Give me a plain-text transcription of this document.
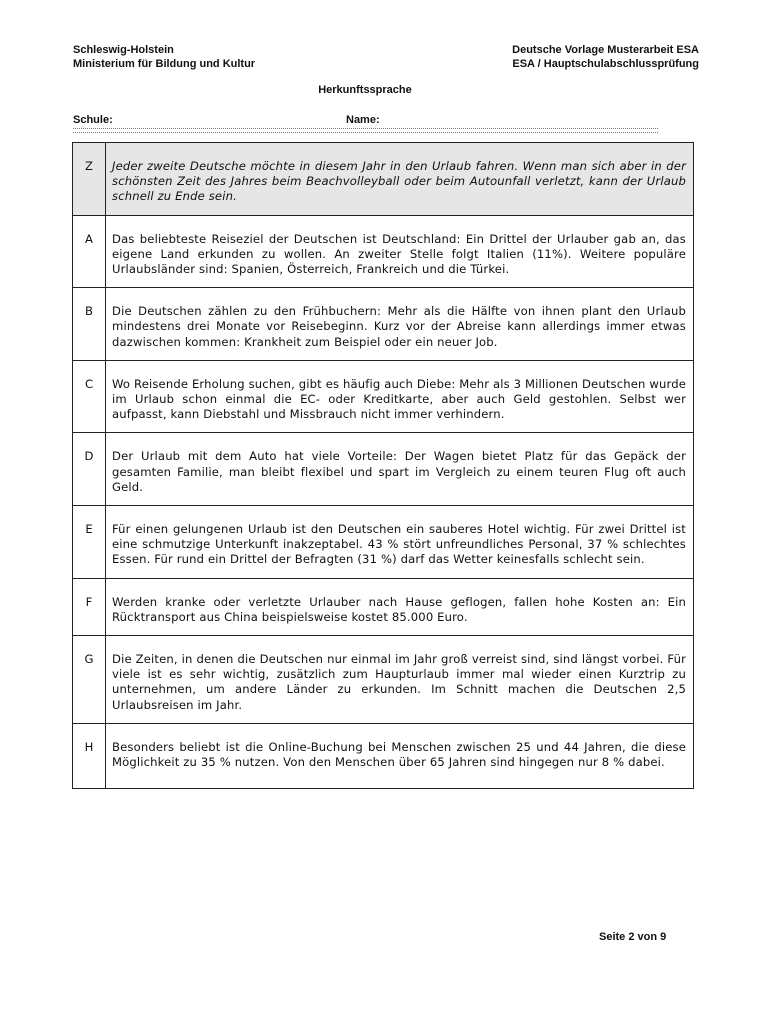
Schleswig-Holstein
Ministerium für Bildung und Kultur
Deutsche Vorlage Musterarbeit ESA
ESA / Hauptschulabschlussprüfung
Herkunftssprache
Schule:	Name:
Z	Jeder zweite Deutsche möchte in diesem Jahr in den Urlaub fahren. Wenn man sich aber in der schönsten Zeit des Jahres beim Beachvolleyball oder beim Autounfall verletzt, kann der Urlaub schnell zu Ende sein.
A	Das beliebteste Reiseziel der Deutschen ist Deutschland: Ein Drittel der Urlauber gab an, das eigene Land erkunden zu wollen. An zweiter Stelle folgt Italien (11%). Weitere populäre Urlaubsländer sind: Spanien, Österreich, Frankreich und die Türkei.
B	Die Deutschen zählen zu den Frühbuchern: Mehr als die Hälfte von ihnen plant den Urlaub mindestens drei Monate vor Reisebeginn. Kurz vor der Abreise kann allerdings immer etwas dazwischen kommen: Krankheit zum Beispiel oder ein neuer Job.
C	Wo Reisende Erholung suchen, gibt es häufig auch Diebe: Mehr als 3 Millionen Deutschen wurde im Urlaub schon einmal die EC- oder Kreditkarte, aber auch Geld gestohlen. Selbst wer aufpasst, kann Diebstahl und Missbrauch nicht immer verhindern.
D	Der Urlaub mit dem Auto hat viele Vorteile: Der Wagen bietet Platz für das Gepäck der gesamten Familie, man bleibt flexibel und spart im Vergleich zu einem teuren Flug oft auch Geld.
E	Für einen gelungenen Urlaub ist den Deutschen ein sauberes Hotel wichtig. Für zwei Drittel ist eine schmutzige Unterkunft inakzeptabel. 43 % stört unfreundliches Personal, 37 % schlechtes Essen. Für rund ein Drittel der Befragten (31 %) darf das Wetter keinesfalls schlecht sein.
F	Werden kranke oder verletzte Urlauber nach Hause geflogen, fallen hohe Kosten an: Ein Rücktransport aus China beispielsweise kostet 85.000 Euro.
G	Die Zeiten, in denen die Deutschen nur einmal im Jahr groß verreist sind, sind längst vorbei. Für viele ist es sehr wichtig, zusätzlich zum Haupturlaub immer mal wieder einen Kurztrip zu unternehmen, um andere Länder zu erkunden. Im Schnitt machen die Deutschen 2,5 Urlaubsreisen im Jahr.
H	Besonders beliebt ist die Online-Buchung bei Menschen zwischen 25 und 44 Jahren, die diese Möglichkeit zu 35 % nutzen. Von den Menschen über 65 Jahren sind hingegen nur 8 % dabei.
Seite 2 von 9
